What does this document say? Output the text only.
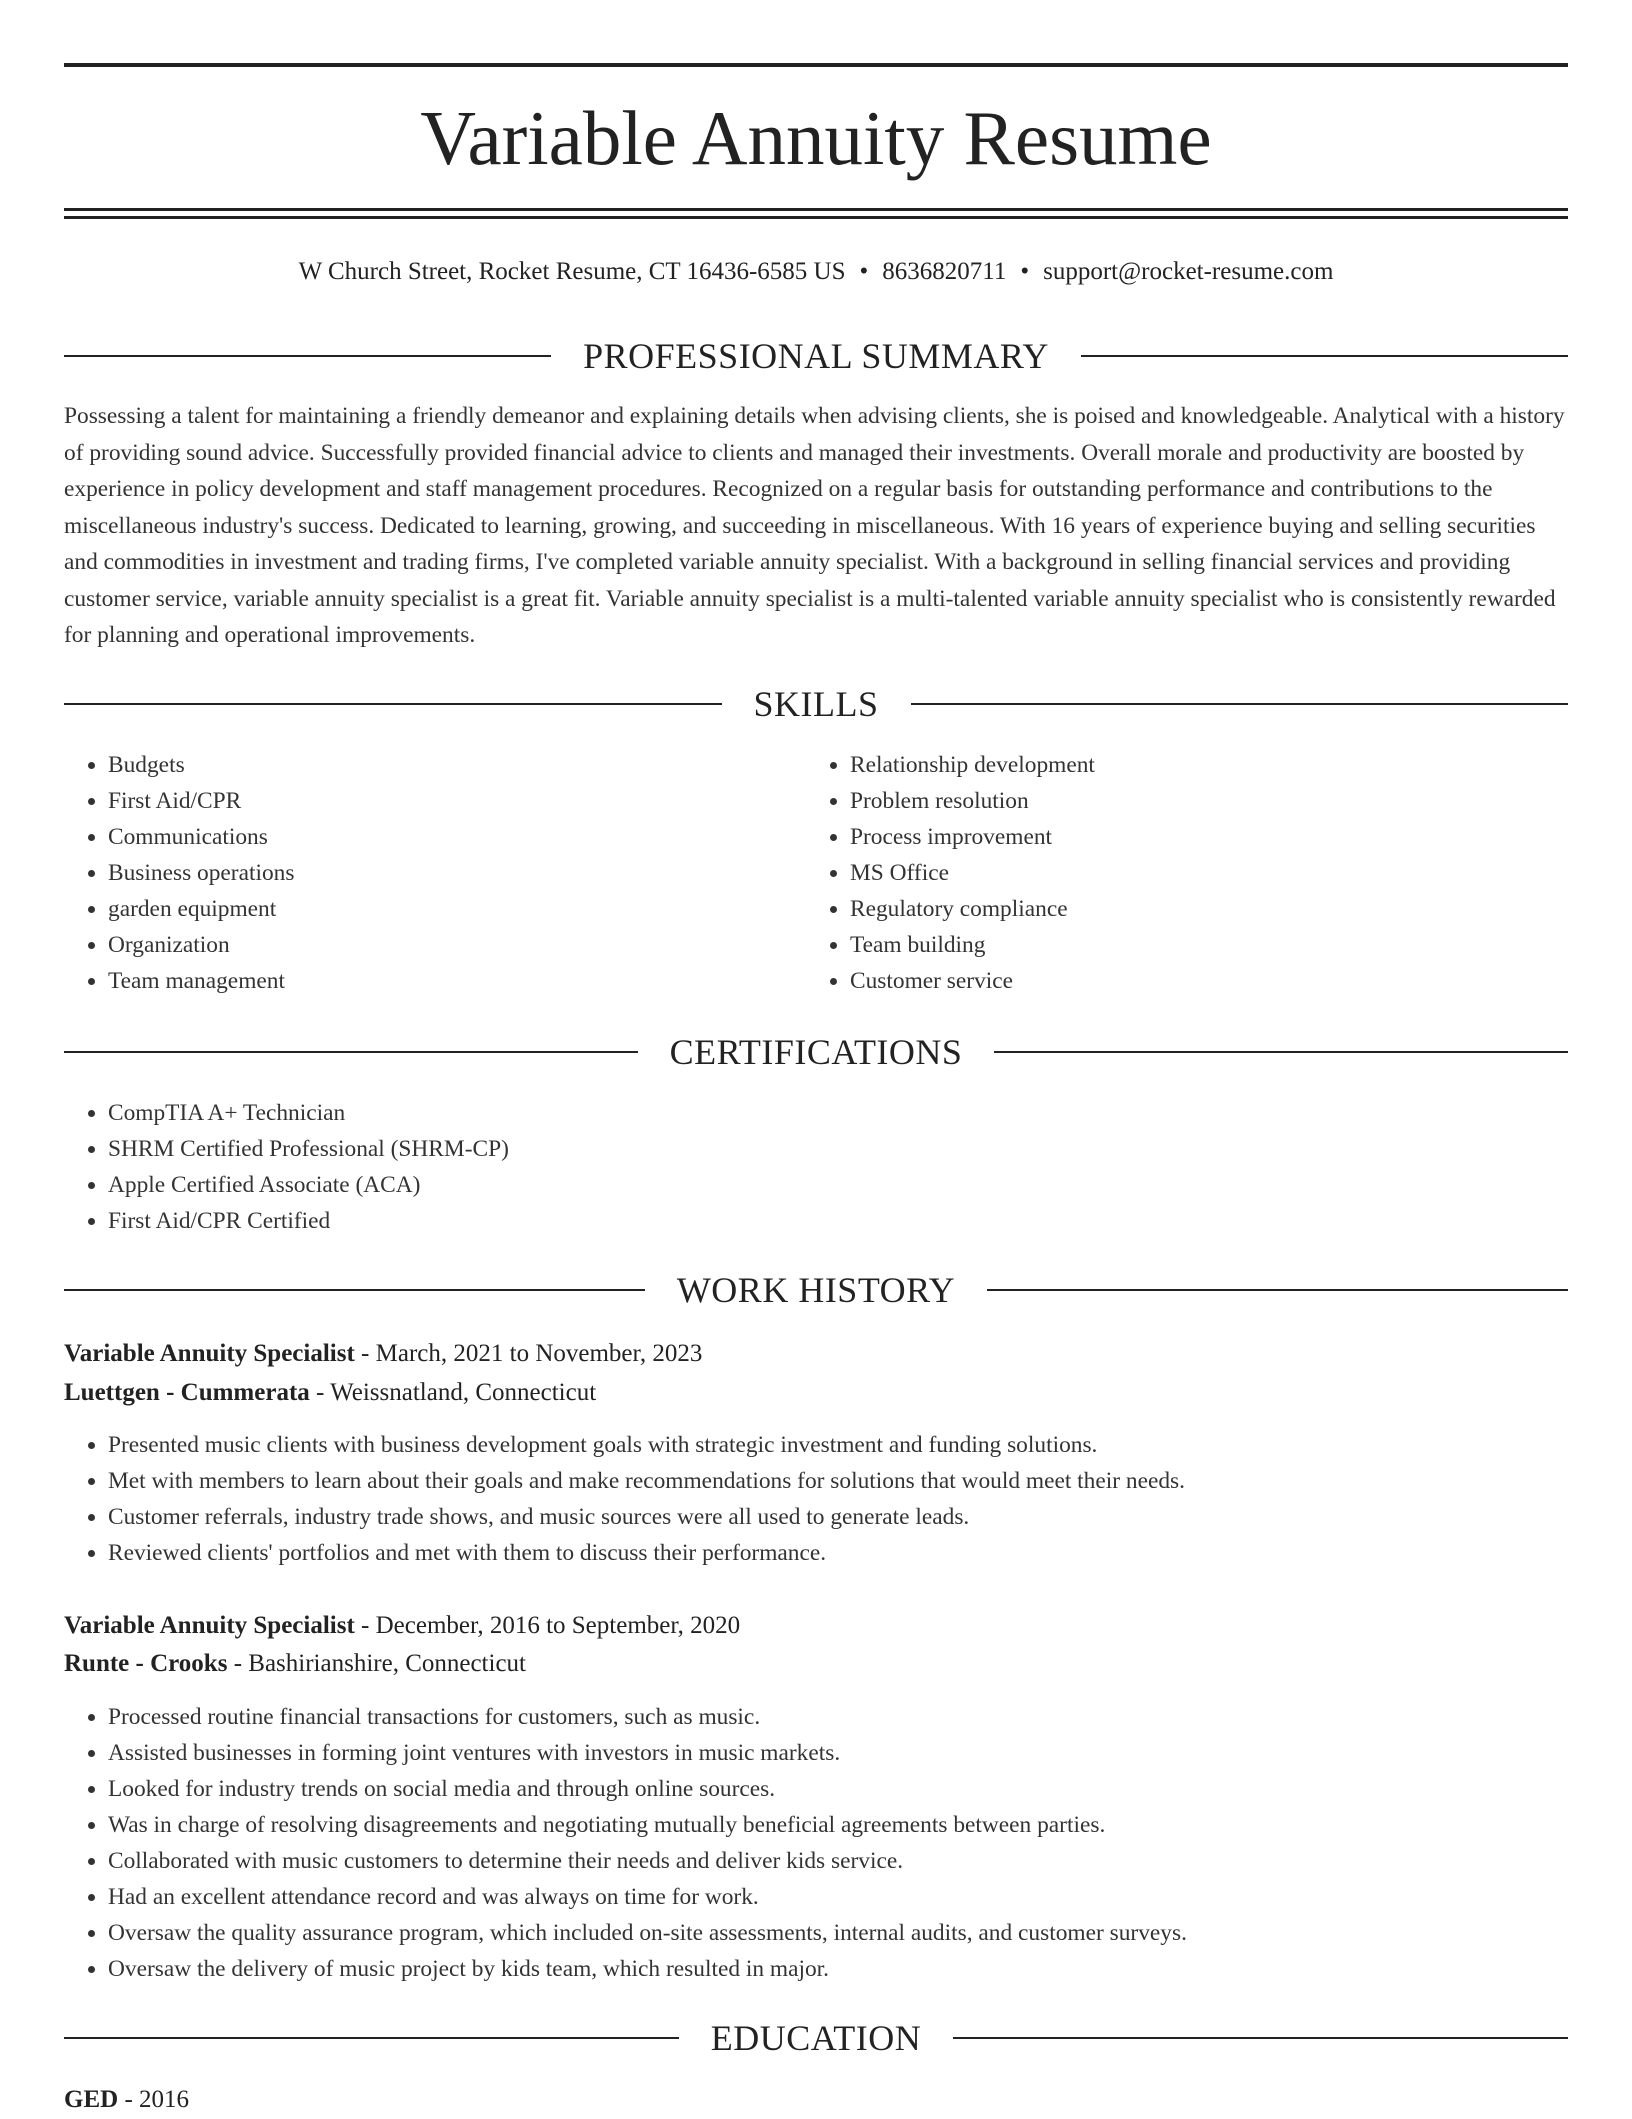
Variable Annuity Resume
W Church Street, Rocket Resume, CT 16436-6585 US • 8636820711 • support@rocket-resume.com
PROFESSIONAL SUMMARY

Possessing a talent for maintaining a friendly demeanor and explaining details when advising clients, she is poised and knowledgeable. Analytical with a history of providing sound advice. Successfully provided financial advice to clients and managed their investments. Overall morale and productivity are boosted by experience in policy development and staff management procedures. Recognized on a regular basis for outstanding performance and contributions to the miscellaneous industry's success. Dedicated to learning, growing, and succeeding in miscellaneous. With 16 years of experience buying and selling securities and commodities in investment and trading firms, I've completed variable annuity specialist. With a background in selling financial services and providing customer service, variable annuity specialist is a great fit. Variable annuity specialist is a multi-talented variable annuity specialist who is consistently rewarded for planning and operational improvements.

SKILLS
• Budgets
• First Aid/CPR
• Communications
• Business operations
• garden equipment
• Organization
• Team management
• Relationship development
• Problem resolution
• Process improvement
• MS Office
• Regulatory compliance
• Team building
• Customer service
CERTIFICATIONS
• CompTIA A+ Technician
• SHRM Certified Professional (SHRM-CP)
• Apple Certified Associate (ACA)
• First Aid/CPR Certified
WORK HISTORY

Variable Annuity Specialist - March, 2021 to November, 2023

Luettgen - Cummerata - Weissnatland, Connecticut

• Presented music clients with business development goals with strategic investment and funding solutions.
• Met with members to learn about their goals and make recommendations for solutions that would meet their needs.
• Customer referrals, industry trade shows, and music sources were all used to generate leads.
• Reviewed clients' portfolios and met with them to discuss their performance.

Variable Annuity Specialist - December, 2016 to September, 2020

Runte - Crooks - Bashirianshire, Connecticut

• Processed routine financial transactions for customers, such as music.
• Assisted businesses in forming joint ventures with investors in music markets.
• Looked for industry trends on social media and through online sources.
• Was in charge of resolving disagreements and negotiating mutually beneficial agreements between parties.
• Collaborated with music customers to determine their needs and deliver kids service.
• Had an excellent attendance record and was always on time for work.
• Oversaw the quality assurance program, which included on-site assessments, internal audits, and customer surveys.
• Oversaw the delivery of music project by kids team, which resulted in major.
EDUCATION

GED - 2016
